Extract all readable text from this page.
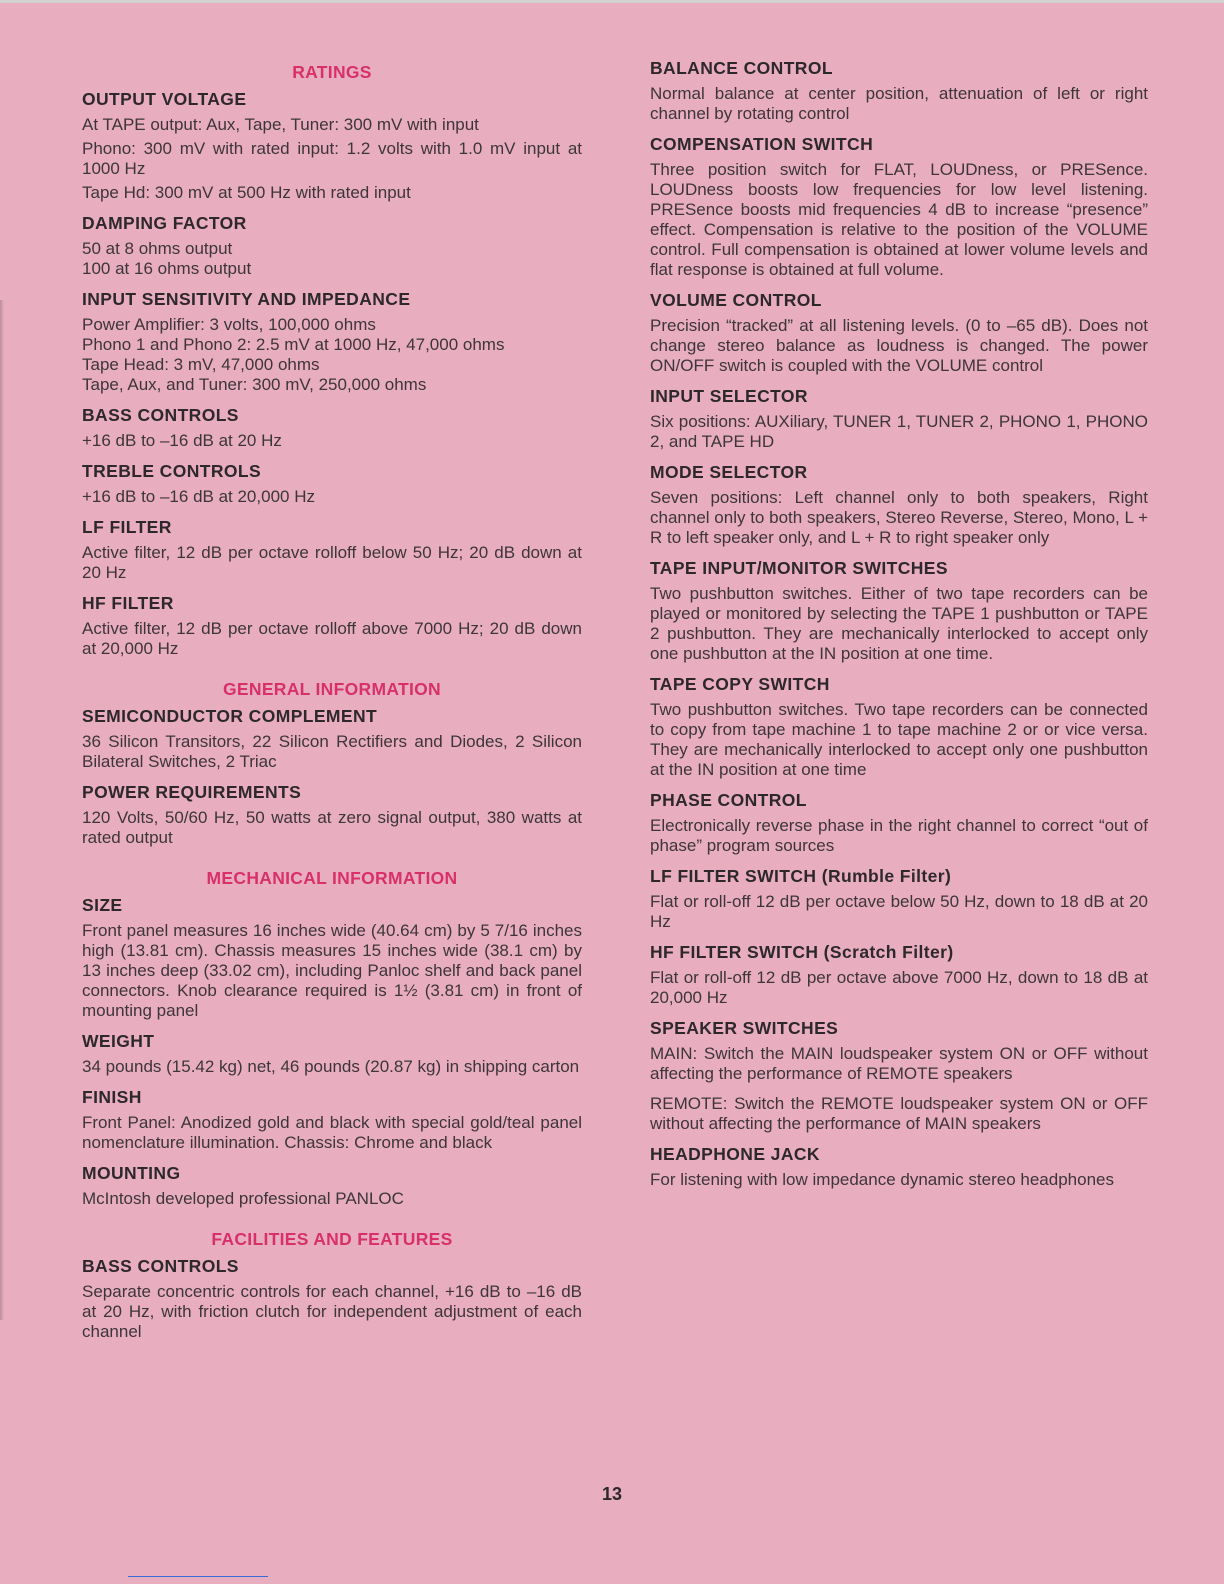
RATINGS
OUTPUT VOLTAGE
At TAPE output: Aux, Tape, Tuner: 300 mV with input
Phono: 300 mV with rated input: 1.2 volts with 1.0 mV input at 1000 Hz
Tape Hd: 300 mV at 500 Hz with rated input
DAMPING FACTOR
50 at 8 ohms output
100 at 16 ohms output
INPUT SENSITIVITY AND IMPEDANCE
Power Amplifier: 3 volts, 100,000 ohms
Phono 1 and Phono 2: 2.5 mV at 1000 Hz, 47,000 ohms
Tape Head: 3 mV, 47,000 ohms
Tape, Aux, and Tuner: 300 mV, 250,000 ohms
BASS CONTROLS
+16 dB to –16 dB at 20 Hz
TREBLE CONTROLS
+16 dB to –16 dB at 20,000 Hz
LF FILTER
Active filter, 12 dB per octave rolloff below 50 Hz; 20 dB down at 20 Hz
HF FILTER
Active filter, 12 dB per octave rolloff above 7000 Hz; 20 dB down at 20,000 Hz
GENERAL INFORMATION
SEMICONDUCTOR COMPLEMENT
36 Silicon Transitors, 22 Silicon Rectifiers and Diodes, 2 Silicon Bilateral Switches, 2 Triac
POWER REQUIREMENTS
120 Volts, 50/60 Hz, 50 watts at zero signal output, 380 watts at rated output
MECHANICAL INFORMATION
SIZE
Front panel measures 16 inches wide (40.64 cm) by 5 7/16 inches high (13.81 cm). Chassis measures 15 inches wide (38.1 cm) by 13 inches deep (33.02 cm), including Panloc shelf and back panel connectors. Knob clearance required is 1½ (3.81 cm) in front of mounting panel
WEIGHT
34 pounds (15.42 kg) net, 46 pounds (20.87 kg) in shipping carton
FINISH
Front Panel: Anodized gold and black with special gold/teal panel nomenclature illumination. Chassis: Chrome and black
MOUNTING
McIntosh developed professional PANLOC
FACILITIES AND FEATURES
BASS CONTROLS
Separate concentric controls for each channel, +16 dB to –16 dB at 20 Hz, with friction clutch for independent adjustment of each channel
BALANCE CONTROL
Normal balance at center position, attenuation of left or right channel by rotating control
COMPENSATION SWITCH
Three position switch for FLAT, LOUDness, or PRESence. LOUDness boosts low frequencies for low level listening. PRESence boosts mid frequencies 4 dB to increase “presence” effect. Compensation is relative to the position of the VOLUME control. Full compensation is obtained at lower volume levels and flat response is obtained at full volume.
VOLUME CONTROL
Precision “tracked” at all listening levels. (0 to –65 dB). Does not change stereo balance as loudness is changed. The power ON/OFF switch is coupled with the VOLUME control
INPUT SELECTOR
Six positions: AUXiliary, TUNER 1, TUNER 2, PHONO 1, PHONO 2, and TAPE HD
MODE SELECTOR
Seven positions: Left channel only to both speakers, Right channel only to both speakers, Stereo Reverse, Stereo, Mono, L + R to left speaker only, and L + R to right speaker only
TAPE INPUT/MONITOR SWITCHES
Two pushbutton switches. Either of two tape recorders can be played or monitored by selecting the TAPE 1 pushbutton or TAPE 2 pushbutton. They are mechanically interlocked to accept only one pushbutton at the IN position at one time.
TAPE COPY SWITCH
Two pushbutton switches. Two tape recorders can be connected to copy from tape machine 1 to tape machine 2 or or vice versa. They are mechanically interlocked to accept only one pushbutton at the IN position at one time
PHASE CONTROL
Electronically reverse phase in the right channel to correct “out of phase” program sources
LF FILTER SWITCH (Rumble Filter)
Flat or roll-off 12 dB per octave below 50 Hz, down to 18 dB at 20 Hz
HF FILTER SWITCH (Scratch Filter)
Flat or roll-off 12 dB per octave above 7000 Hz, down to 18 dB at 20,000 Hz
SPEAKER SWITCHES
MAIN: Switch the MAIN loudspeaker system ON or OFF without affecting the performance of REMOTE speakers
REMOTE: Switch the REMOTE loudspeaker system ON or OFF without affecting the performance of MAIN speakers
HEADPHONE JACK
For listening with low impedance dynamic stereo headphones
13
